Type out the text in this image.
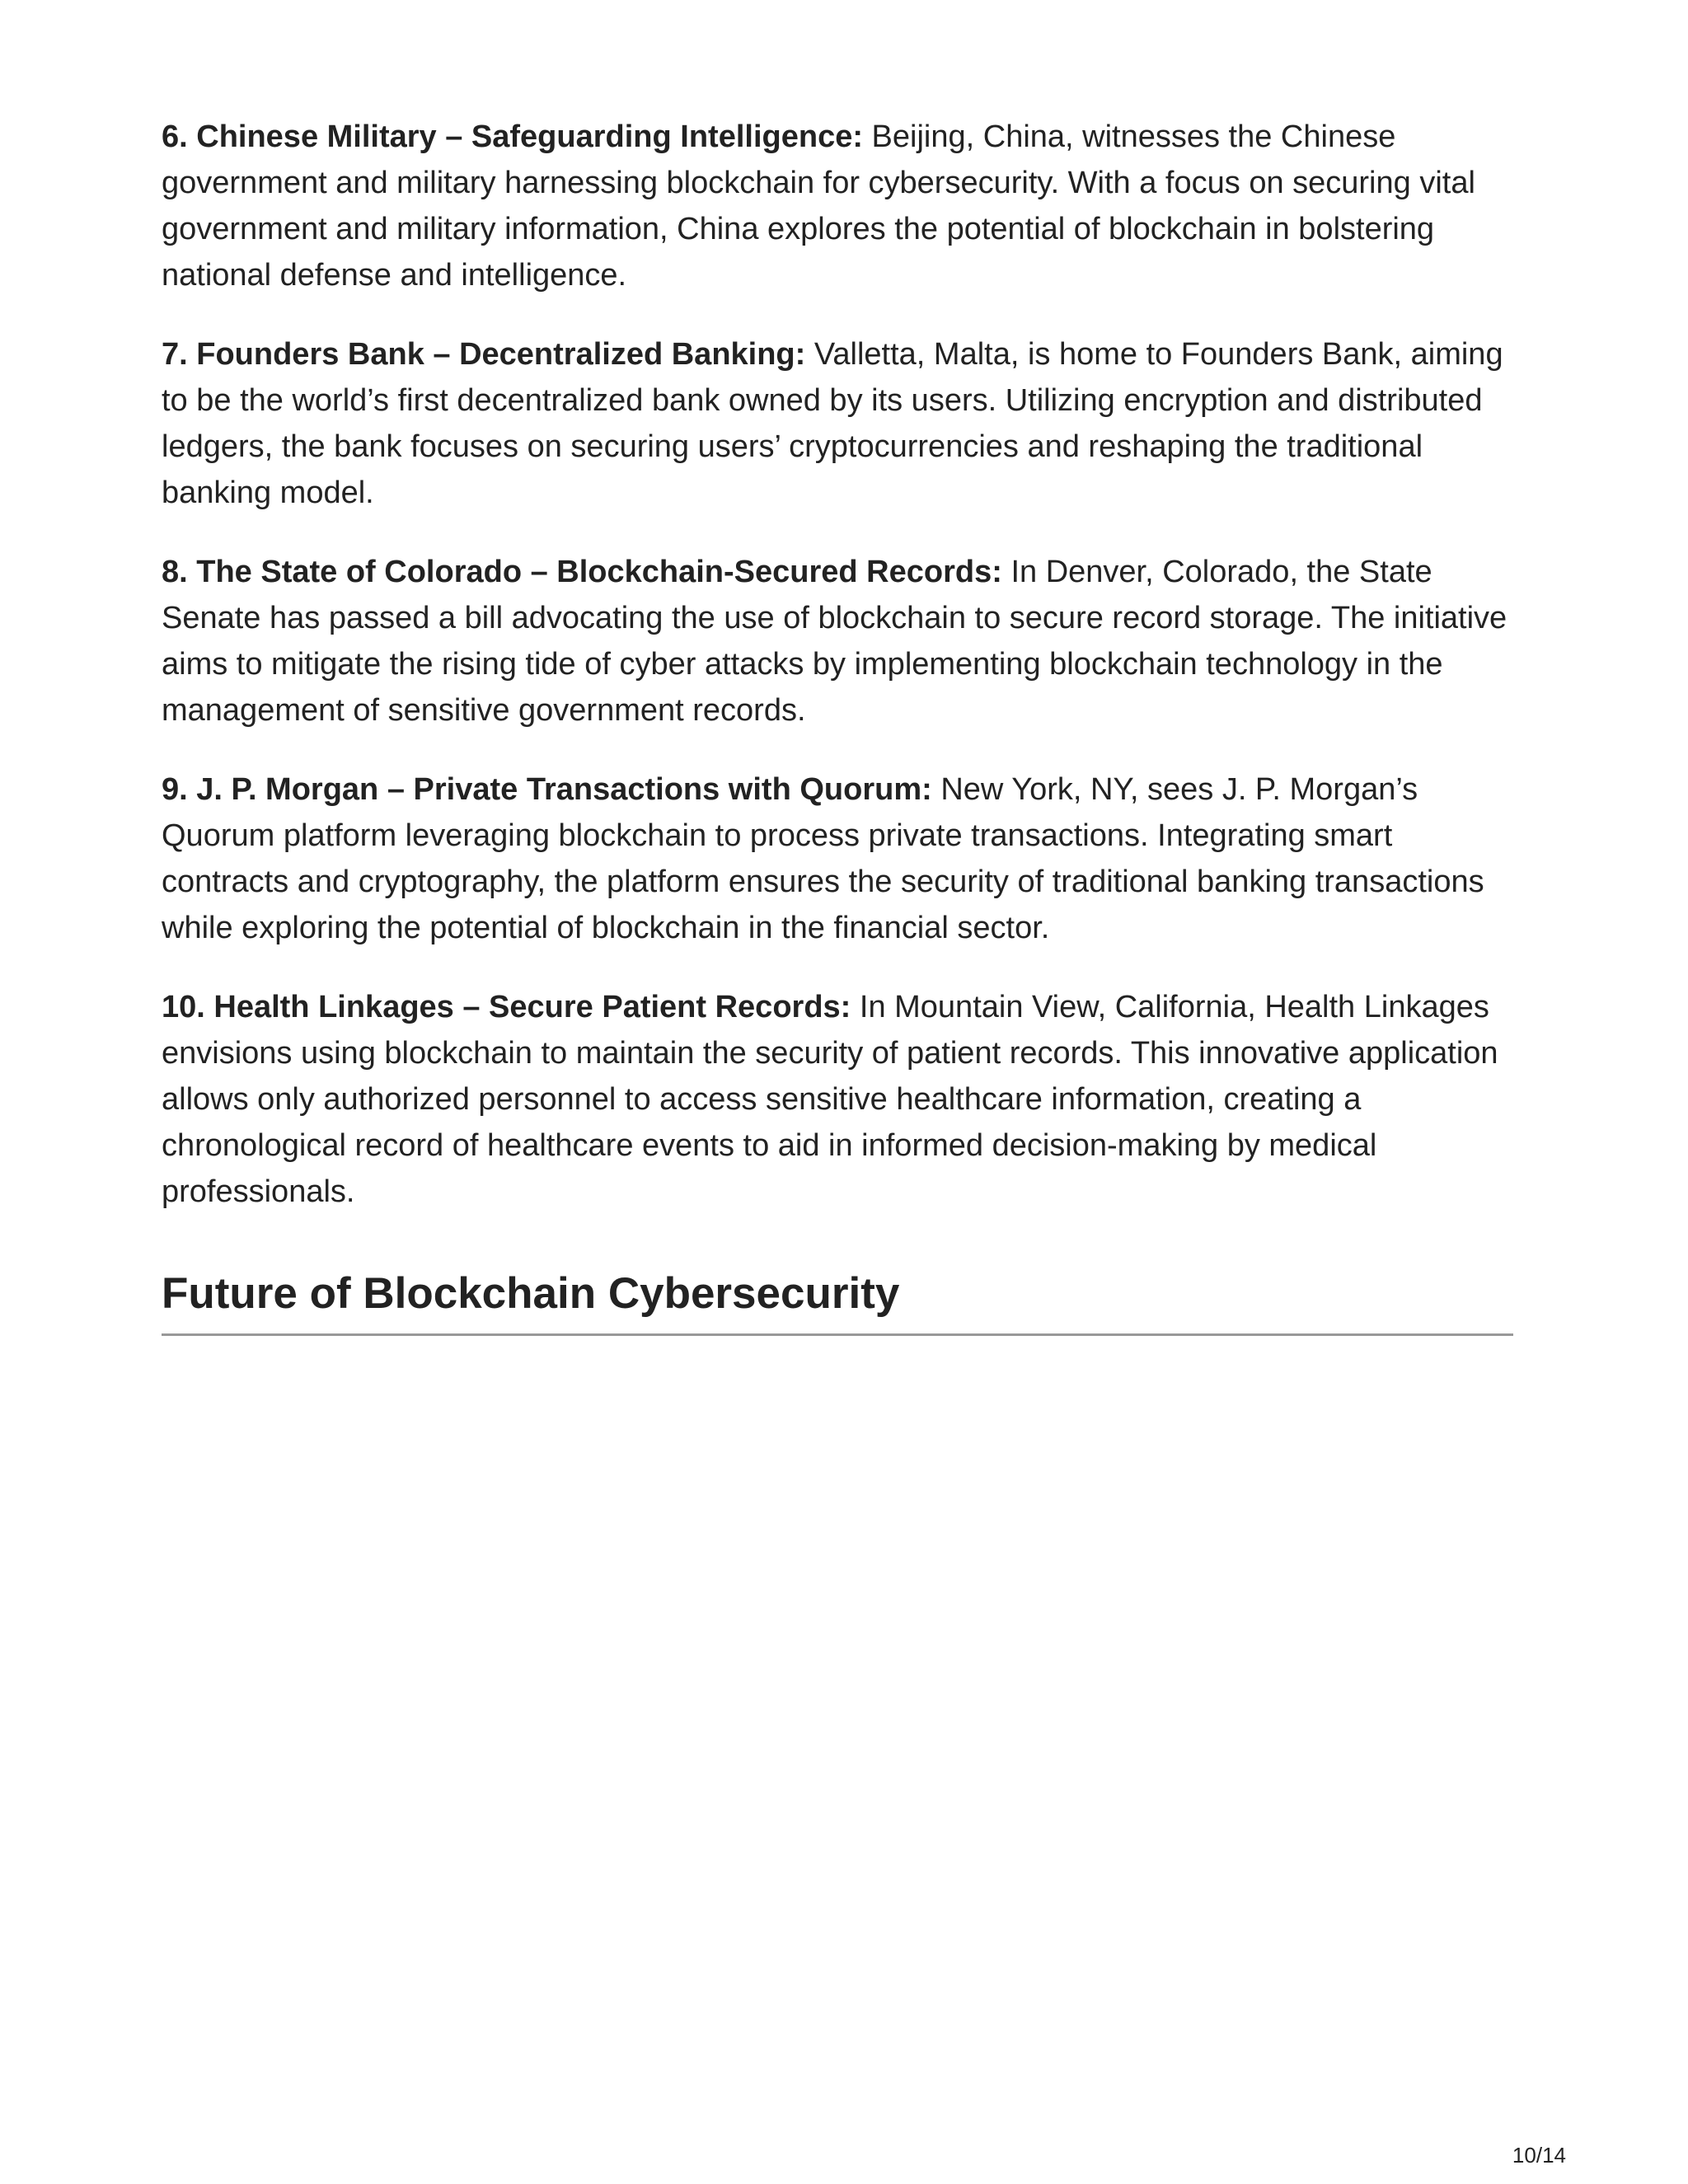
6. Chinese Military – Safeguarding Intelligence: Beijing, China, witnesses the Chinese government and military harnessing blockchain for cybersecurity. With a focus on securing vital government and military information, China explores the potential of blockchain in bolstering national defense and intelligence.

7. Founders Bank – Decentralized Banking: Valletta, Malta, is home to Founders Bank, aiming to be the world’s first decentralized bank owned by its users. Utilizing encryption and distributed ledgers, the bank focuses on securing users’ cryptocurrencies and reshaping the traditional banking model.

8. The State of Colorado – Blockchain-Secured Records: In Denver, Colorado, the State Senate has passed a bill advocating the use of blockchain to secure record storage. The initiative aims to mitigate the rising tide of cyber attacks by implementing blockchain technology in the management of sensitive government records.

9. J. P. Morgan – Private Transactions with Quorum: New York, NY, sees J. P. Morgan’s Quorum platform leveraging blockchain to process private transactions. Integrating smart contracts and cryptography, the platform ensures the security of traditional banking transactions while exploring the potential of blockchain in the financial sector.

10. Health Linkages – Secure Patient Records: In Mountain View, California, Health Linkages envisions using blockchain to maintain the security of patient records. This innovative application allows only authorized personnel to access sensitive healthcare information, creating a chronological record of healthcare events to aid in informed decision-making by medical professionals.

Future of Blockchain Cybersecurity
10/14
